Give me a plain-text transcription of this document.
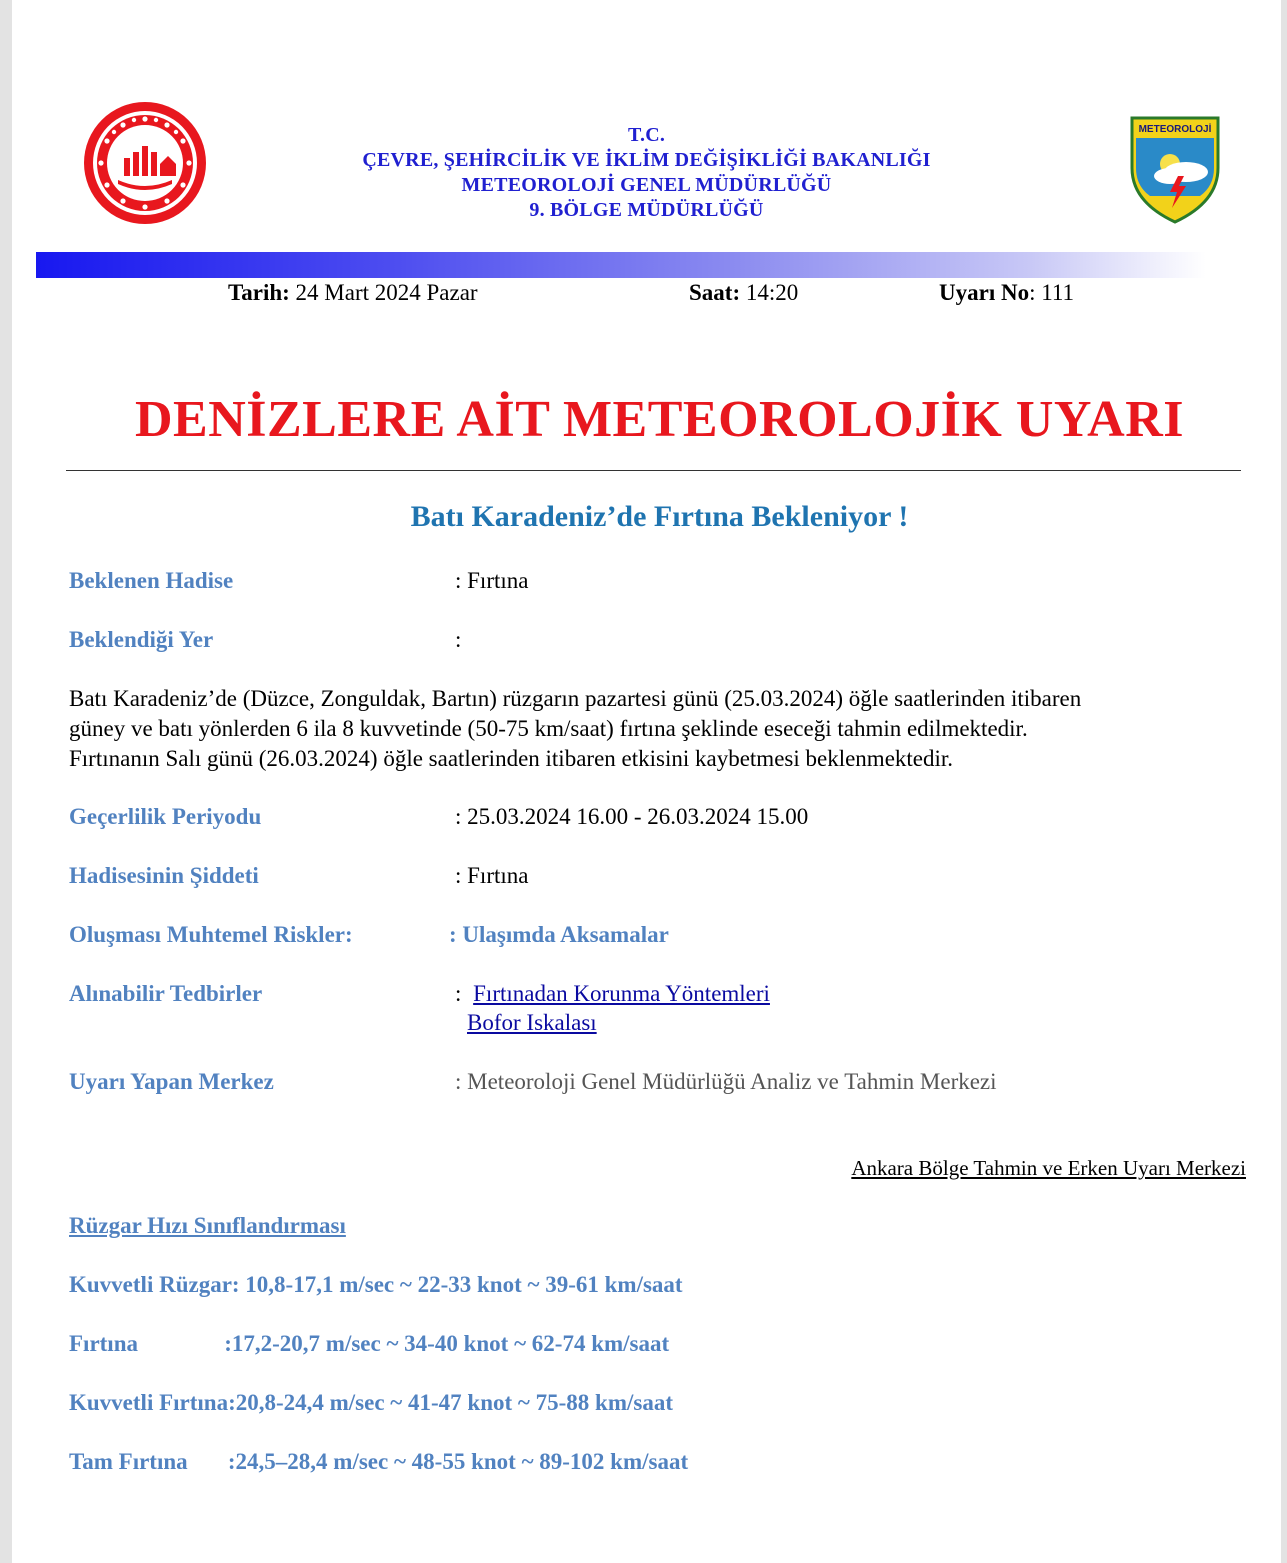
METEOROLOJİ
T.C.
ÇEVRE, ŞEHİRCİLİK VE İKLİM DEĞİŞİKLİĞİ BAKANLIĞI
METEOROLOJİ GENEL MÜDÜRLÜĞÜ
9. BÖLGE MÜDÜRLÜĞÜ
Tarih: 24 Mart 2024 Pazar	Saat: 14:20	Uyarı No: 111
DENİZLERE AİT METEOROLOJİK UYARI
Batı Karadeniz’de Fırtına Bekleniyor !
Beklenen Hadise	: Fırtına
Beklendiği Yer	:
Batı Karadeniz’de (Düzce, Zonguldak, Bartın) rüzgarın pazartesi günü (25.03.2024) öğle saatlerinden itibaren
güney ve batı yönlerden 6 ila 8 kuvvetinde (50-75 km/saat) fırtına şeklinde eseceği tahmin edilmektedir.
Fırtınanın Salı günü (26.03.2024) öğle saatlerinden itibaren etkisini kaybetmesi beklenmektedir.
Geçerlilik Periyodu	: 25.03.2024 16.00 - 26.03.2024 15.00
Hadisesinin Şiddeti	: Fırtına
Oluşması Muhtemel Riskler:	: Ulaşımda Aksamalar
Alınabilir Tedbirler	: Fırtınadan Korunma Yöntemleri
Bofor Iskalası
Uyarı Yapan Merkez	: Meteoroloji Genel Müdürlüğü Analiz ve Tahmin Merkezi
Ankara Bölge Tahmin ve Erken Uyarı Merkezi
Rüzgar Hızı Sınıflandırması
Kuvvetli Rüzgar: 10,8-17,1 m/sec ~ 22-33 knot ~ 39-61 km/saat
Fırtına               :17,2-20,7 m/sec ~ 34-40 knot ~ 62-74 km/saat
Kuvvetli Fırtına:20,8-24,4 m/sec ~ 41-47 knot ~ 75-88 km/saat
Tam Fırtına       :24,5–28,4 m/sec ~ 48-55 knot ~ 89-102 km/saat
